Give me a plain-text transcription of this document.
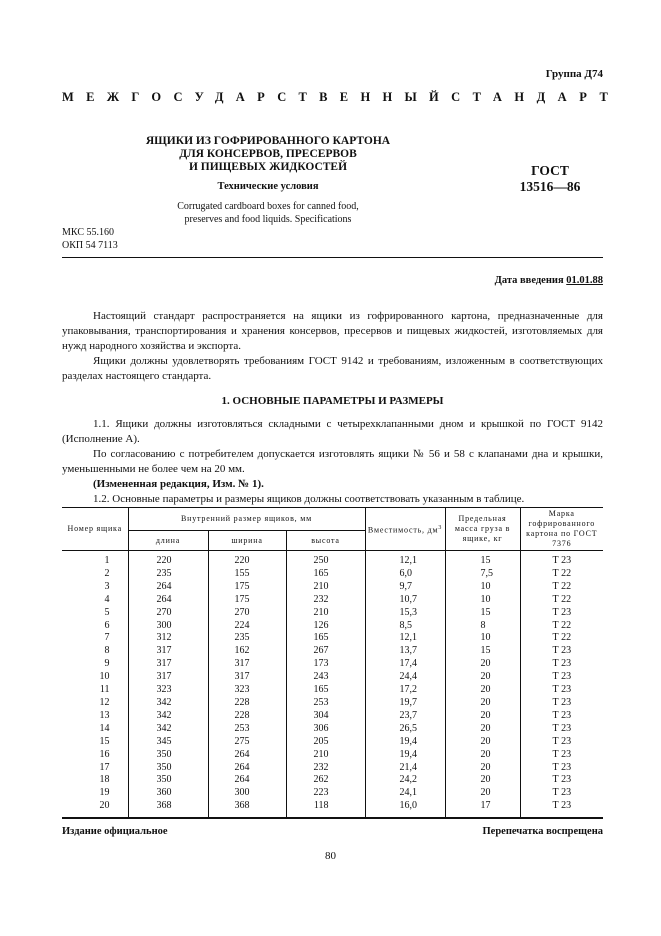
Группа Д74
МЕЖГОСУДАРСТВЕННЫЙ СТАНДАРТ
ЯЩИКИ ИЗ ГОФРИРОВАННОГО КАРТОНА
ДЛЯ КОНСЕРВОВ, ПРЕСЕРВОВ
И ПИЩЕВЫХ ЖИДКОСТЕЙ
Технические условия
Corrugated cardboard boxes for canned food,
preserves and food liquids. Specifications
ГОСТ
13516—86
МКС 55.160
ОКП 54 7113
Дата введения 01.01.88
Настоящий стандарт распространяется на ящики из гофрированного картона, предназначенные для упаковывания, транспортирования и хранения консервов, пресервов и пищевых жидкостей, изготовляемых для нужд народного хозяйства и экспорта.
Ящики должны удовлетворять требованиям ГОСТ 9142 и требованиям, изложенным в соответствующих разделах настоящего стандарта.
1. ОСНОВНЫЕ ПАРАМЕТРЫ И РАЗМЕРЫ
1.1. Ящики должны изготовляться складными с четырехклапанными дном и крышкой по ГОСТ 9142 (Исполнение А).
По согласованию с потребителем допускается изготовлять ящики № 56 и 58 с клапанами дна и крышки, уменьшенными не более чем на 20 мм.
(Измененная редакция, Изм. № 1).
1.2. Основные параметры и размеры ящиков должны соответствовать указанным в таблице.
Номер ящика	Внутренний размер ящиков, мм			Вместимость, $дм^3$	Предельная масса груза в ящике, кг	Марка гофрированного картона по ГОСТ 7376
	длина	ширина	высота			
1	220	220	250	12,1	15	Т 23
2	235	155	165	6,0	7,5	Т 22
3	264	175	210	9,7	10	Т 22
4	264	175	232	10,7	10	Т 22
5	270	270	210	15,3	15	Т 23
6	300	224	126	8,5	8	Т 22
7	312	235	165	12,1	10	Т 22
8	317	162	267	13,7	15	Т 23
9	317	317	173	17,4	20	Т 23
10	317	317	243	24,4	20	Т 23
11	323	323	165	17,2	20	Т 23
12	342	228	253	19,7	20	Т 23
13	342	228	304	23,7	20	Т 23
14	342	253	306	26,5	20	Т 23
15	345	275	205	19,4	20	Т 23
16	350	264	210	19,4	20	Т 23
17	350	264	232	21,4	20	Т 23
18	350	264	262	24,2	20	Т 23
19	360	300	223	24,1	20	Т 23
20	368	368	118	16,0	17	Т 23
Издание официальное	Перепечатка воспрещена
80
